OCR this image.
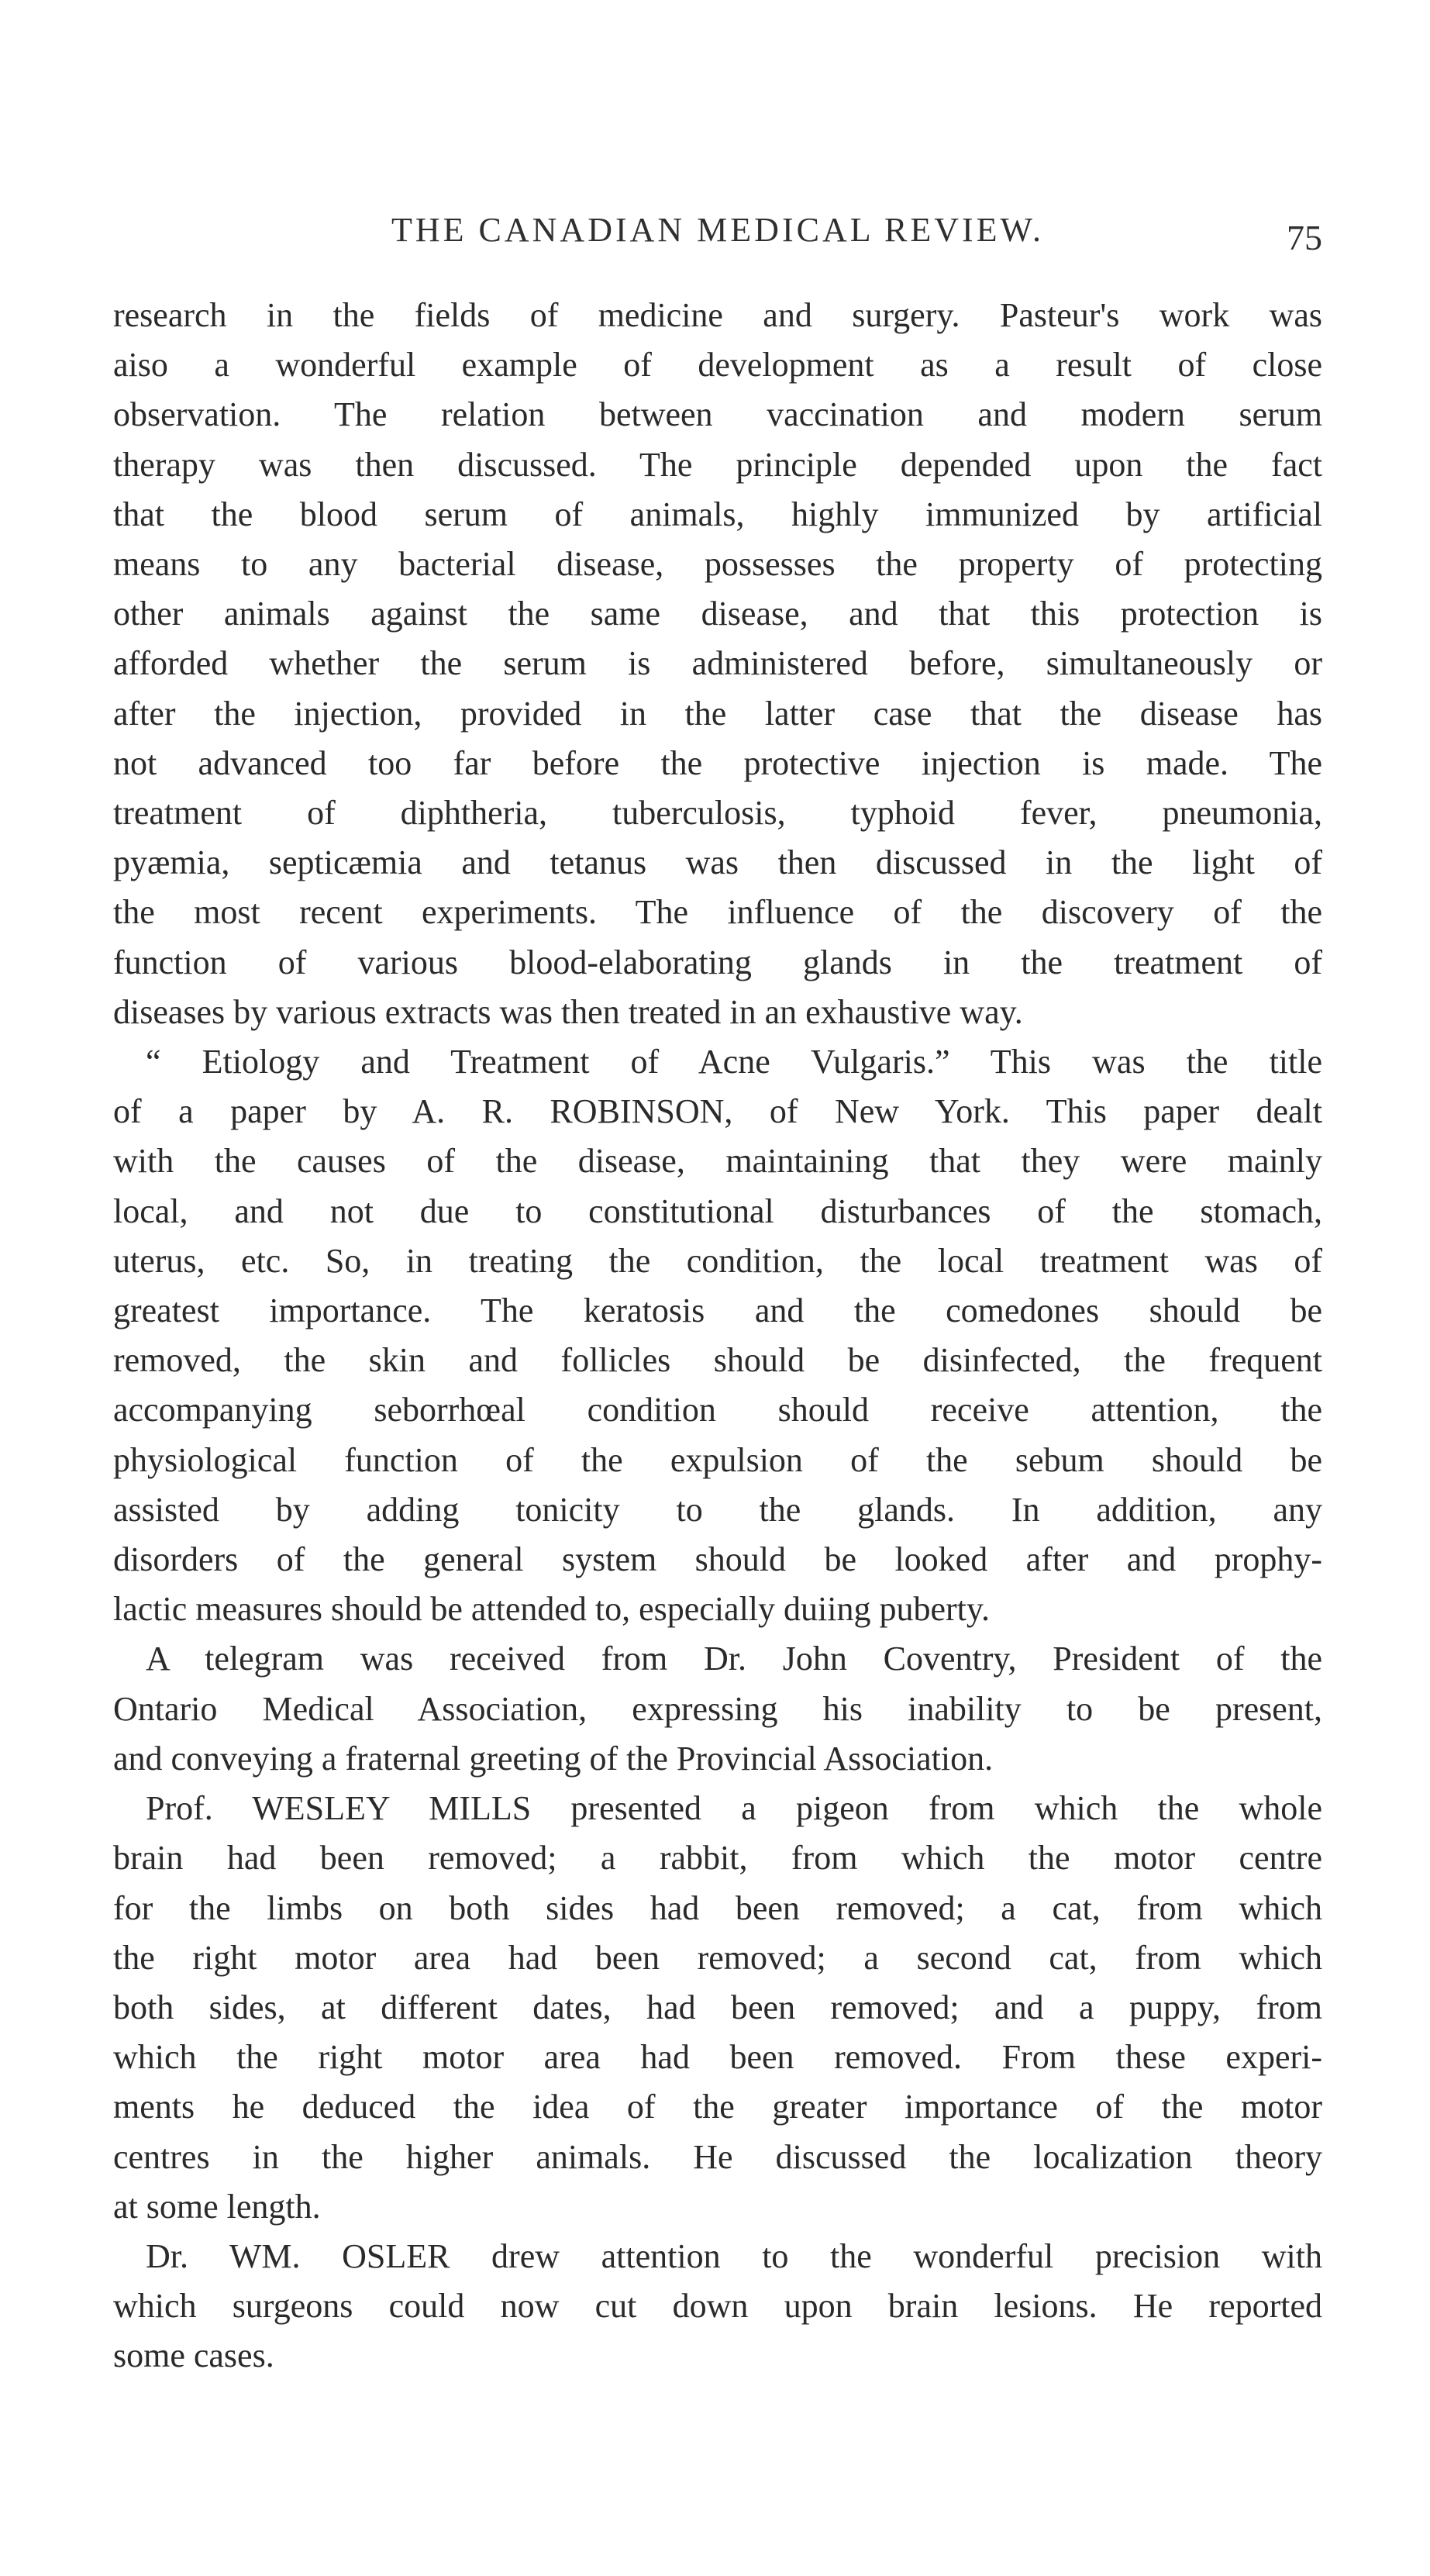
THE CANADIAN MEDICAL REVIEW.	75
research in the fields of medicine and surgery. Pasteur's work was
aіso a wonderful example of development as a result of close
observation. The relation between vaccination and modern serum
therapy was then discussed. The principle depended upon the fact
that the blood serum of animals, highly immunized by artificial
means to any bacterial disease, possesses the property of protecting
other animals against the same disease, and that this protection is
afforded whether the serum is administered before, simultaneously or
after the injection, provided in the latter case that the disease has
not advanced too far before the protective injection is made. The
treatment of diphtheria, tuberculosis, typhoid fever, pneumonia,
pyæmia, septicæmia and tetanus was then discussed in the light of
the most recent experiments. The influence of the discovery of the
function of various blood-elaborating glands in the treatment of
diseases by various extracts was then treated in an exhaustive way.
“ Etiology and Treatment of Acne Vulgaris.” This was the title
of a paper by A. R. ROBINSON, of New York. This paper dealt
with the causes of the disease, maintaining that they were mainly
local, and not due to constitutional disturbances of the stomach,
uterus, etc. So, in treating the condition, the local treatment was of
greatest importance. The keratosis and the comedones should be
removed, the skin and follicles should be disinfected, the frequent
accompanying seborrhœal condition should receive attention, the
physiological function of the expulsion of the sebum should be
assisted by adding tonicity to the glands. In addition, any
disorders of the general system should be looked after and prophy-
lactic measures should be attended to, especially duiing puberty.
A telegram was received from Dr. John Coventry, President of the
Ontario Medical Association, expressing his inability to be present,
and conveying a fraternal greeting of the Provincial Association.
Prof. WESLEY MILLS presented a pigeon from which the whole
brain had been removed; a rabbit, from which the motor centre
for the limbs on both sides had been removed; a cat, from which
the right motor area had been removed; a second cat, from which
both sides, at different dates, had been removed; and a puppy, from
which the right motor area had been removed. From these experi-
ments he deduced the idea of the greater importance of the motor
centres in the higher animals. He discussed the localization theory
at some length.
Dr. WM. OSLER drew attention to the wonderful precision with
which surgeons could now cut down upon brain lesions. He reported
some cases.
